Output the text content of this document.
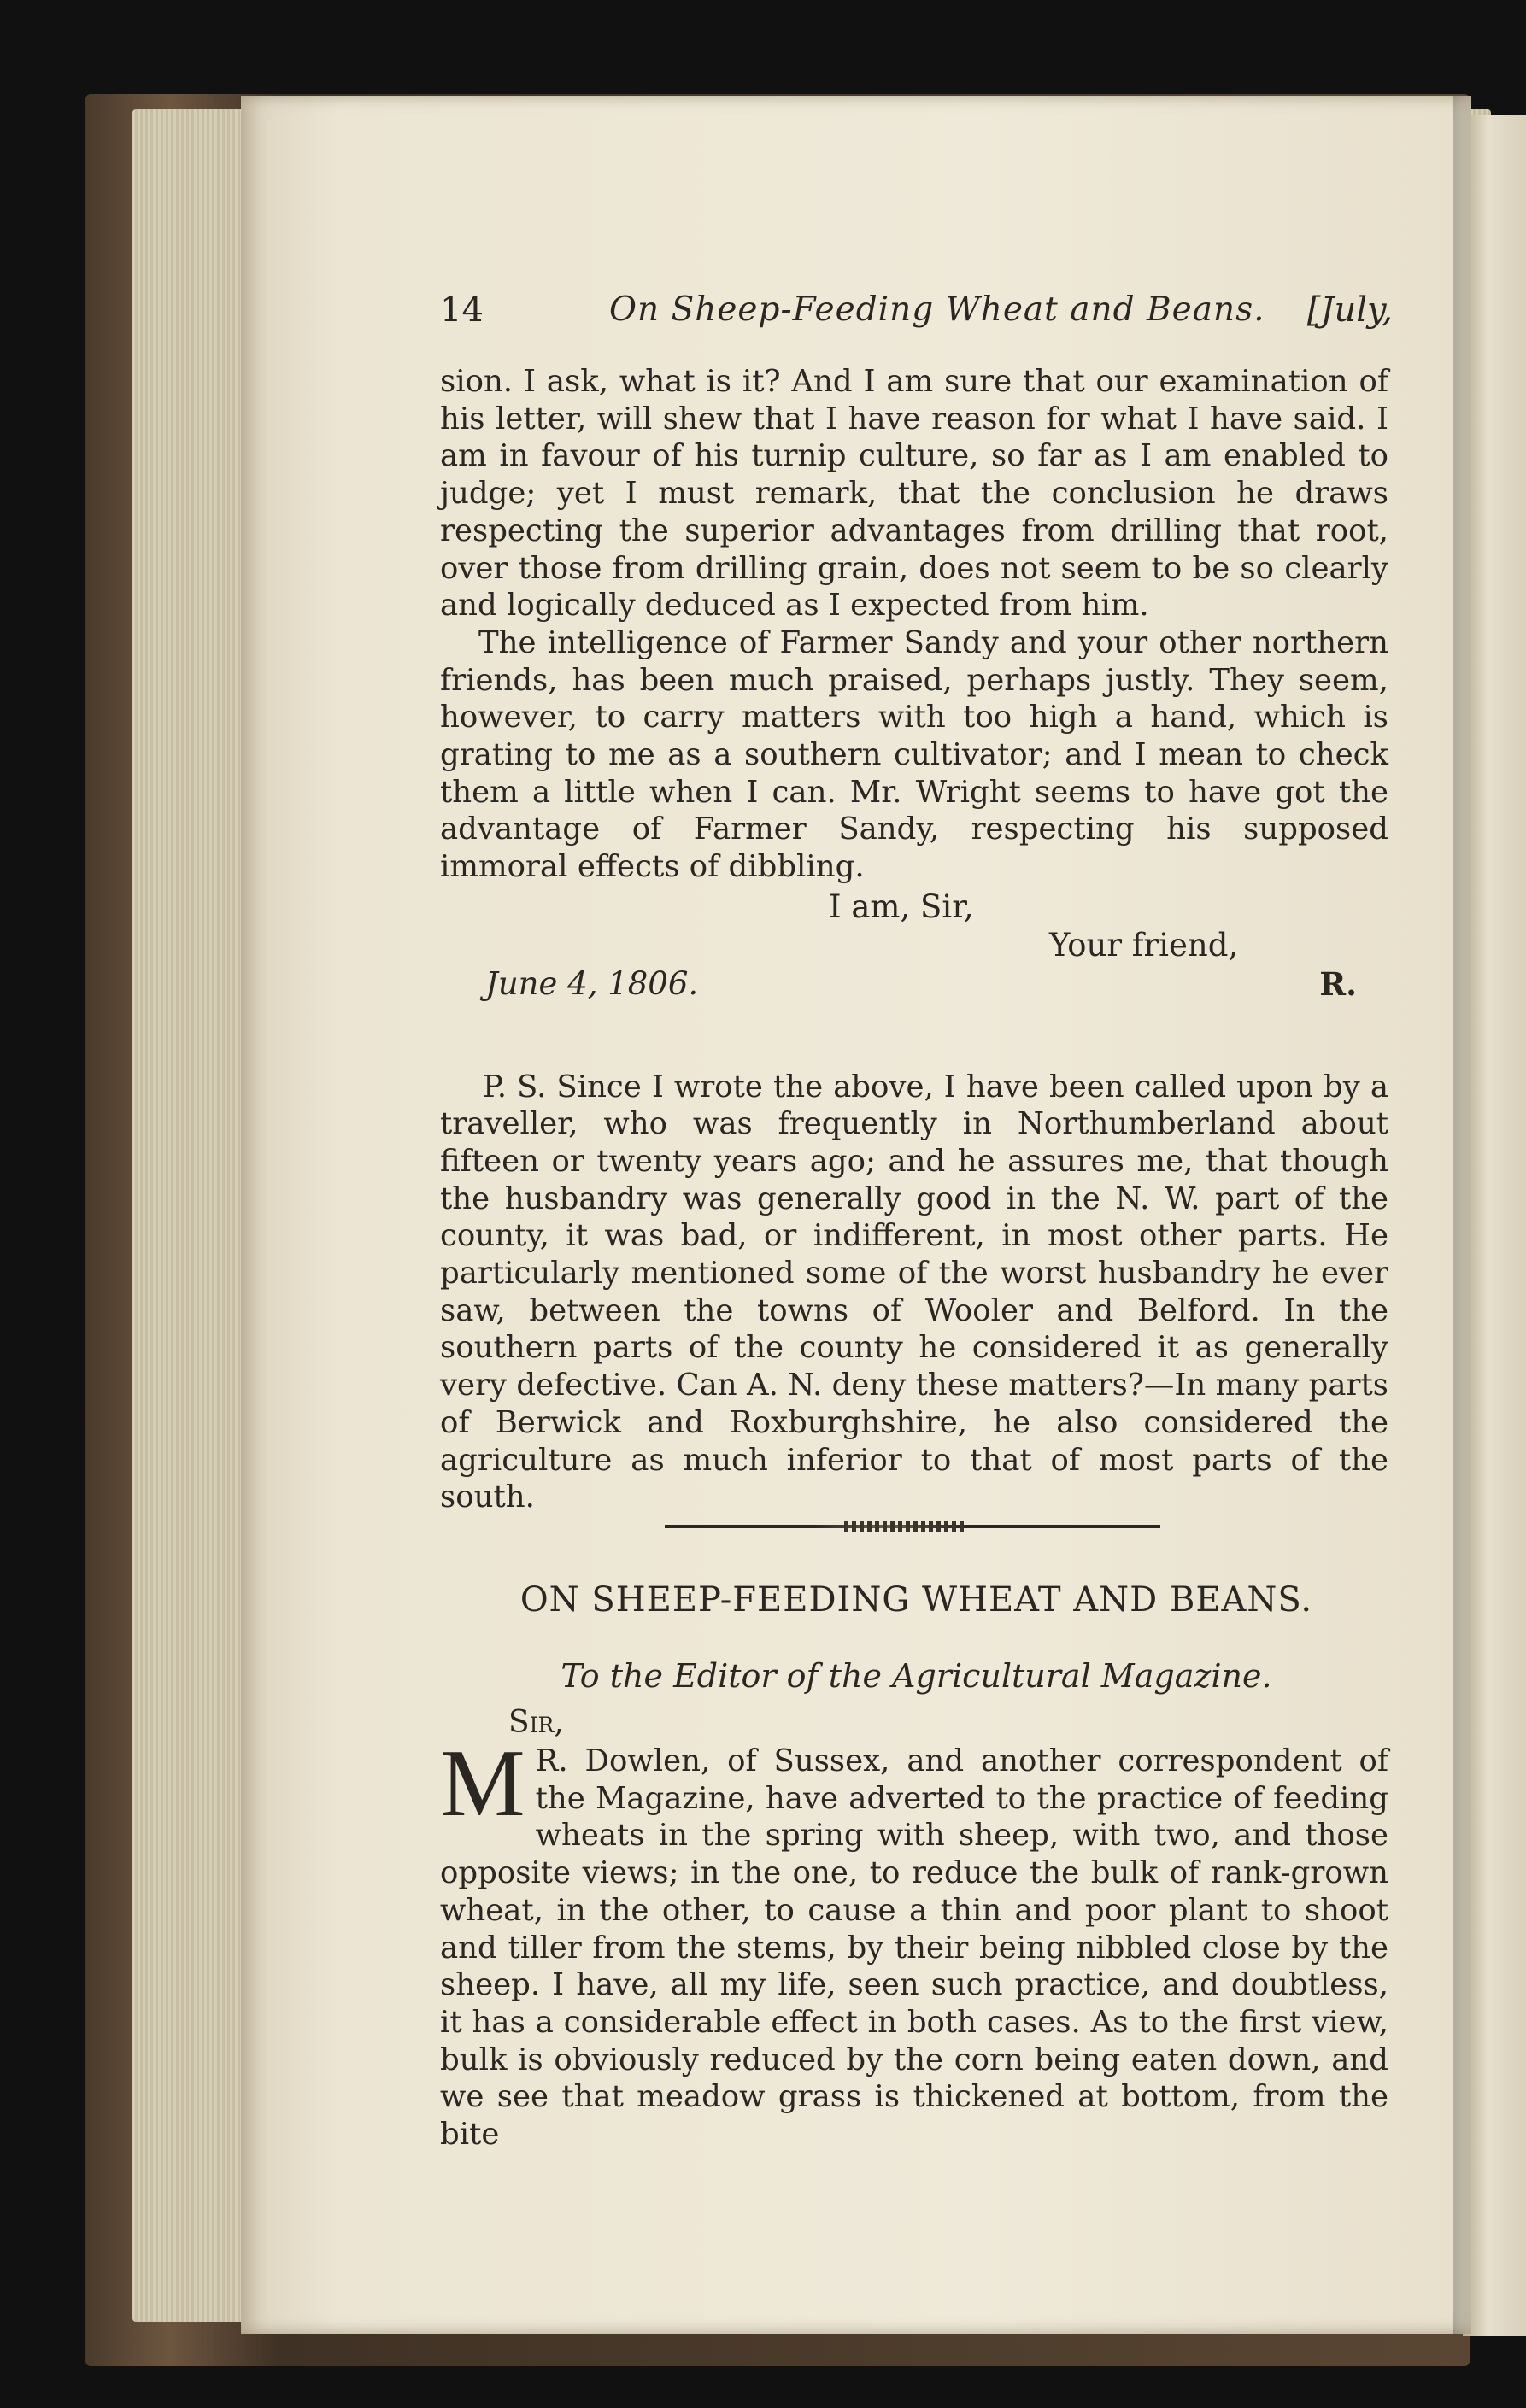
14	On Sheep-Feeding Wheat and Beans. [July,

sion. I ask, what is it? And I am sure that our examination of his letter, will shew that I have reason for what I have said. I am in favour of his turnip culture, so far as I am enabled to judge; yet I must remark, that the conclusion he draws respecting the superior advantages from drilling that root, over those from drilling grain, does not seem to be so clearly and logically deduced as I expected from him.

The intelligence of Farmer Sandy and your other northern friends, has been much praised, perhaps justly. They seem, however, to carry matters with too high a hand, which is grating to me as a southern cultivator; and I mean to check them a little when I can. Mr. Wright seems to have got the advantage of Farmer Sandy, respecting his supposed immoral effects of dibbling.

I am, Sir,
Your friend,
June 4, 1806.	R.

P. S. Since I wrote the above, I have been called upon by a traveller, who was frequently in Northumberland about fifteen or twenty years ago; and he assures me, that though the husbandry was generally good in the N. W. part of the county, it was bad, or indifferent, in most other parts. He particularly mentioned some of the worst husbandry he ever saw, between the towns of Wooler and Belford. In the southern parts of the county he considered it as generally very defective. Can A. N. deny these matters?—In many parts of Berwick and Roxburghshire, he also considered the agriculture as much inferior to that of most parts of the south.

ON SHEEP-FEEDING WHEAT AND BEANS.
To the Editor of the Agricultural Magazine.
Sir,
M R. Dowlen, of Sussex, and another correspondent of the Magazine, have adverted to the practice of feeding wheats in the spring with sheep, with two, and those opposite views; in the one, to reduce the bulk of rank-grown wheat, in the other, to cause a thin and poor plant to shoot and tiller from the stems, by their being nibbled close by the sheep. I have, all my life, seen such practice, and doubtless, it has a considerable effect in both cases. As to the first view, bulk is obviously reduced by the corn being eaten down, and we see that meadow grass is thickened at bottom, from the bite
